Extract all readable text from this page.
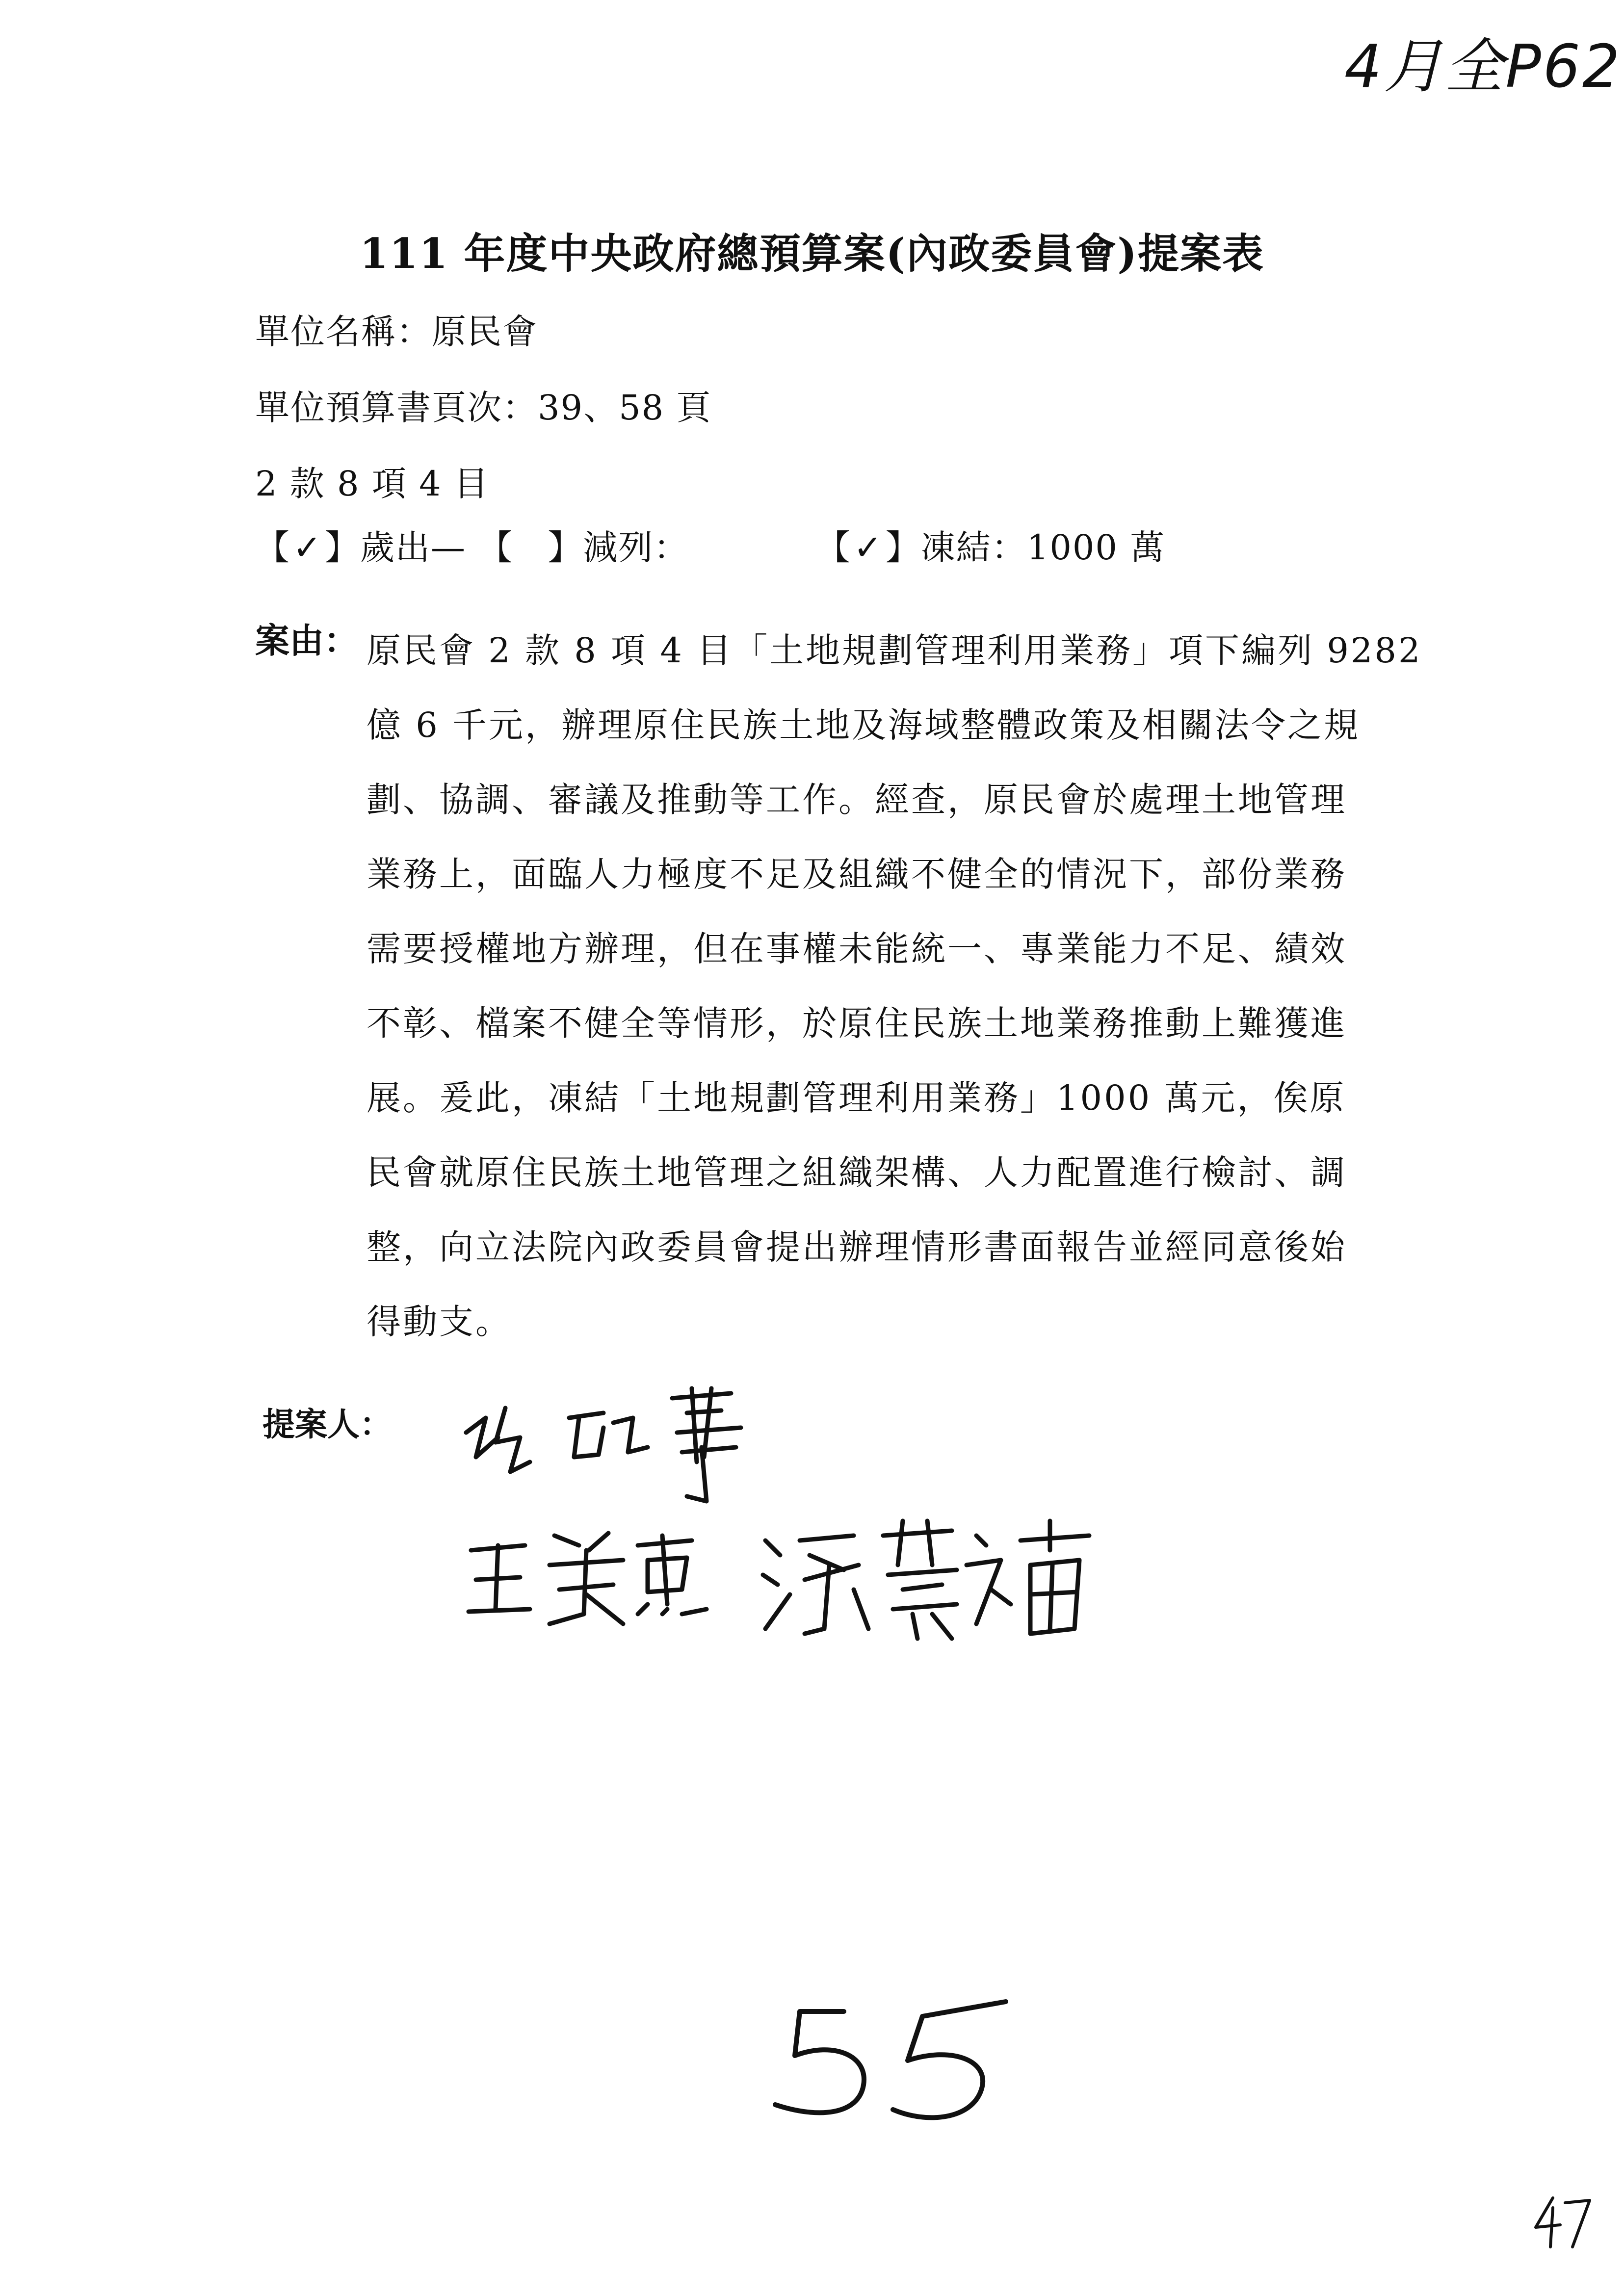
4月全P62
111 年度中央政府總預算案(內政委員會)提案表
單位名稱：原民會
單位預算書頁次：39、58 頁
2 款 8 項 4 目
【✓】歲出— 【 】減列：	【✓】凍結：1000 萬
案由： 原民會 2 款 8 項 4 目「土地規劃管理利用業務」項下編列 9282
億 6 千元，辦理原住民族土地及海域整體政策及相關法令之規
劃、協調、審議及推動等工作。經查，原民會於處理土地管理
業務上，面臨人力極度不足及組織不健全的情況下，部份業務
需要授權地方辦理，但在事權未能統一、專業能力不足、績效
不彰、檔案不健全等情形，於原住民族土地業務推動上難獲進
展。爰此，凍結「土地規劃管理利用業務」1000 萬元，俟原
民會就原住民族土地管理之組織架構、人力配置進行檢討、調
整，向立法院內政委員會提出辦理情形書面報告並經同意後始
得動支。
提案人：
